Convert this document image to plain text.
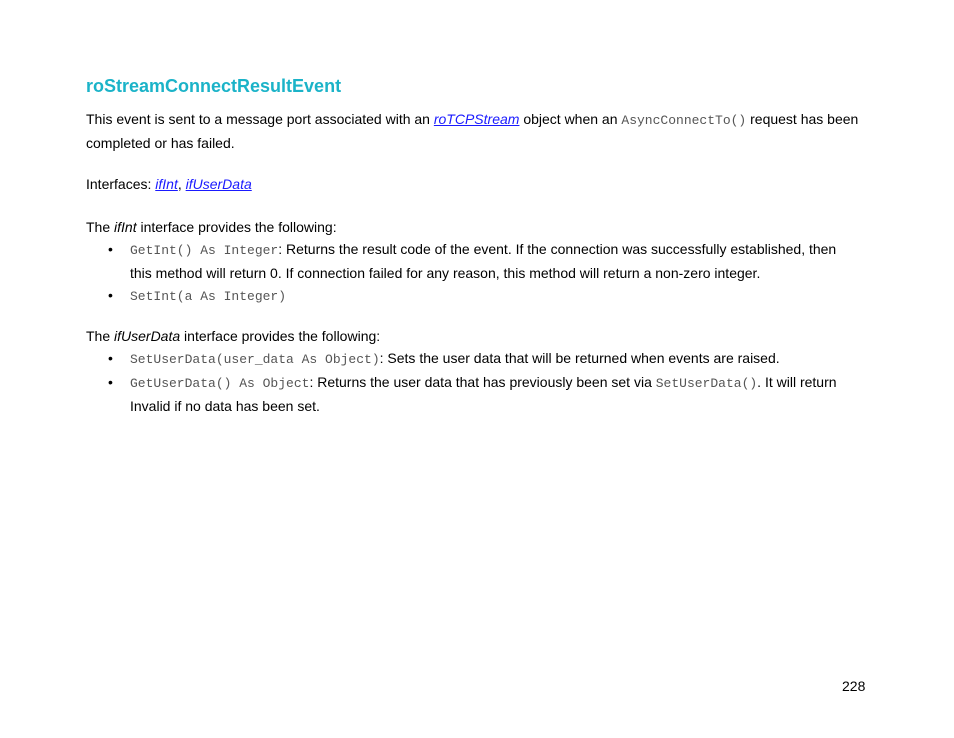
roStreamConnectResultEvent

This event is sent to a message port associated with an roTCPStream object when an AsyncConnectTo() request has been completed or has failed.

Interfaces: ifInt, ifUserData

The ifInt interface provides the following:

• GetInt() As Integer: Returns the result code of the event. If the connection was successfully established, then this method will return 0. If connection failed for any reason, this method will return a non-zero integer.
• SetInt(a As Integer)

The ifUserData interface provides the following:

• SetUserData(user_data As Object): Sets the user data that will be returned when events are raised.
• GetUserData() As Object: Returns the user data that has previously been set via SetUserData(). It will return Invalid if no data has been set.
228
